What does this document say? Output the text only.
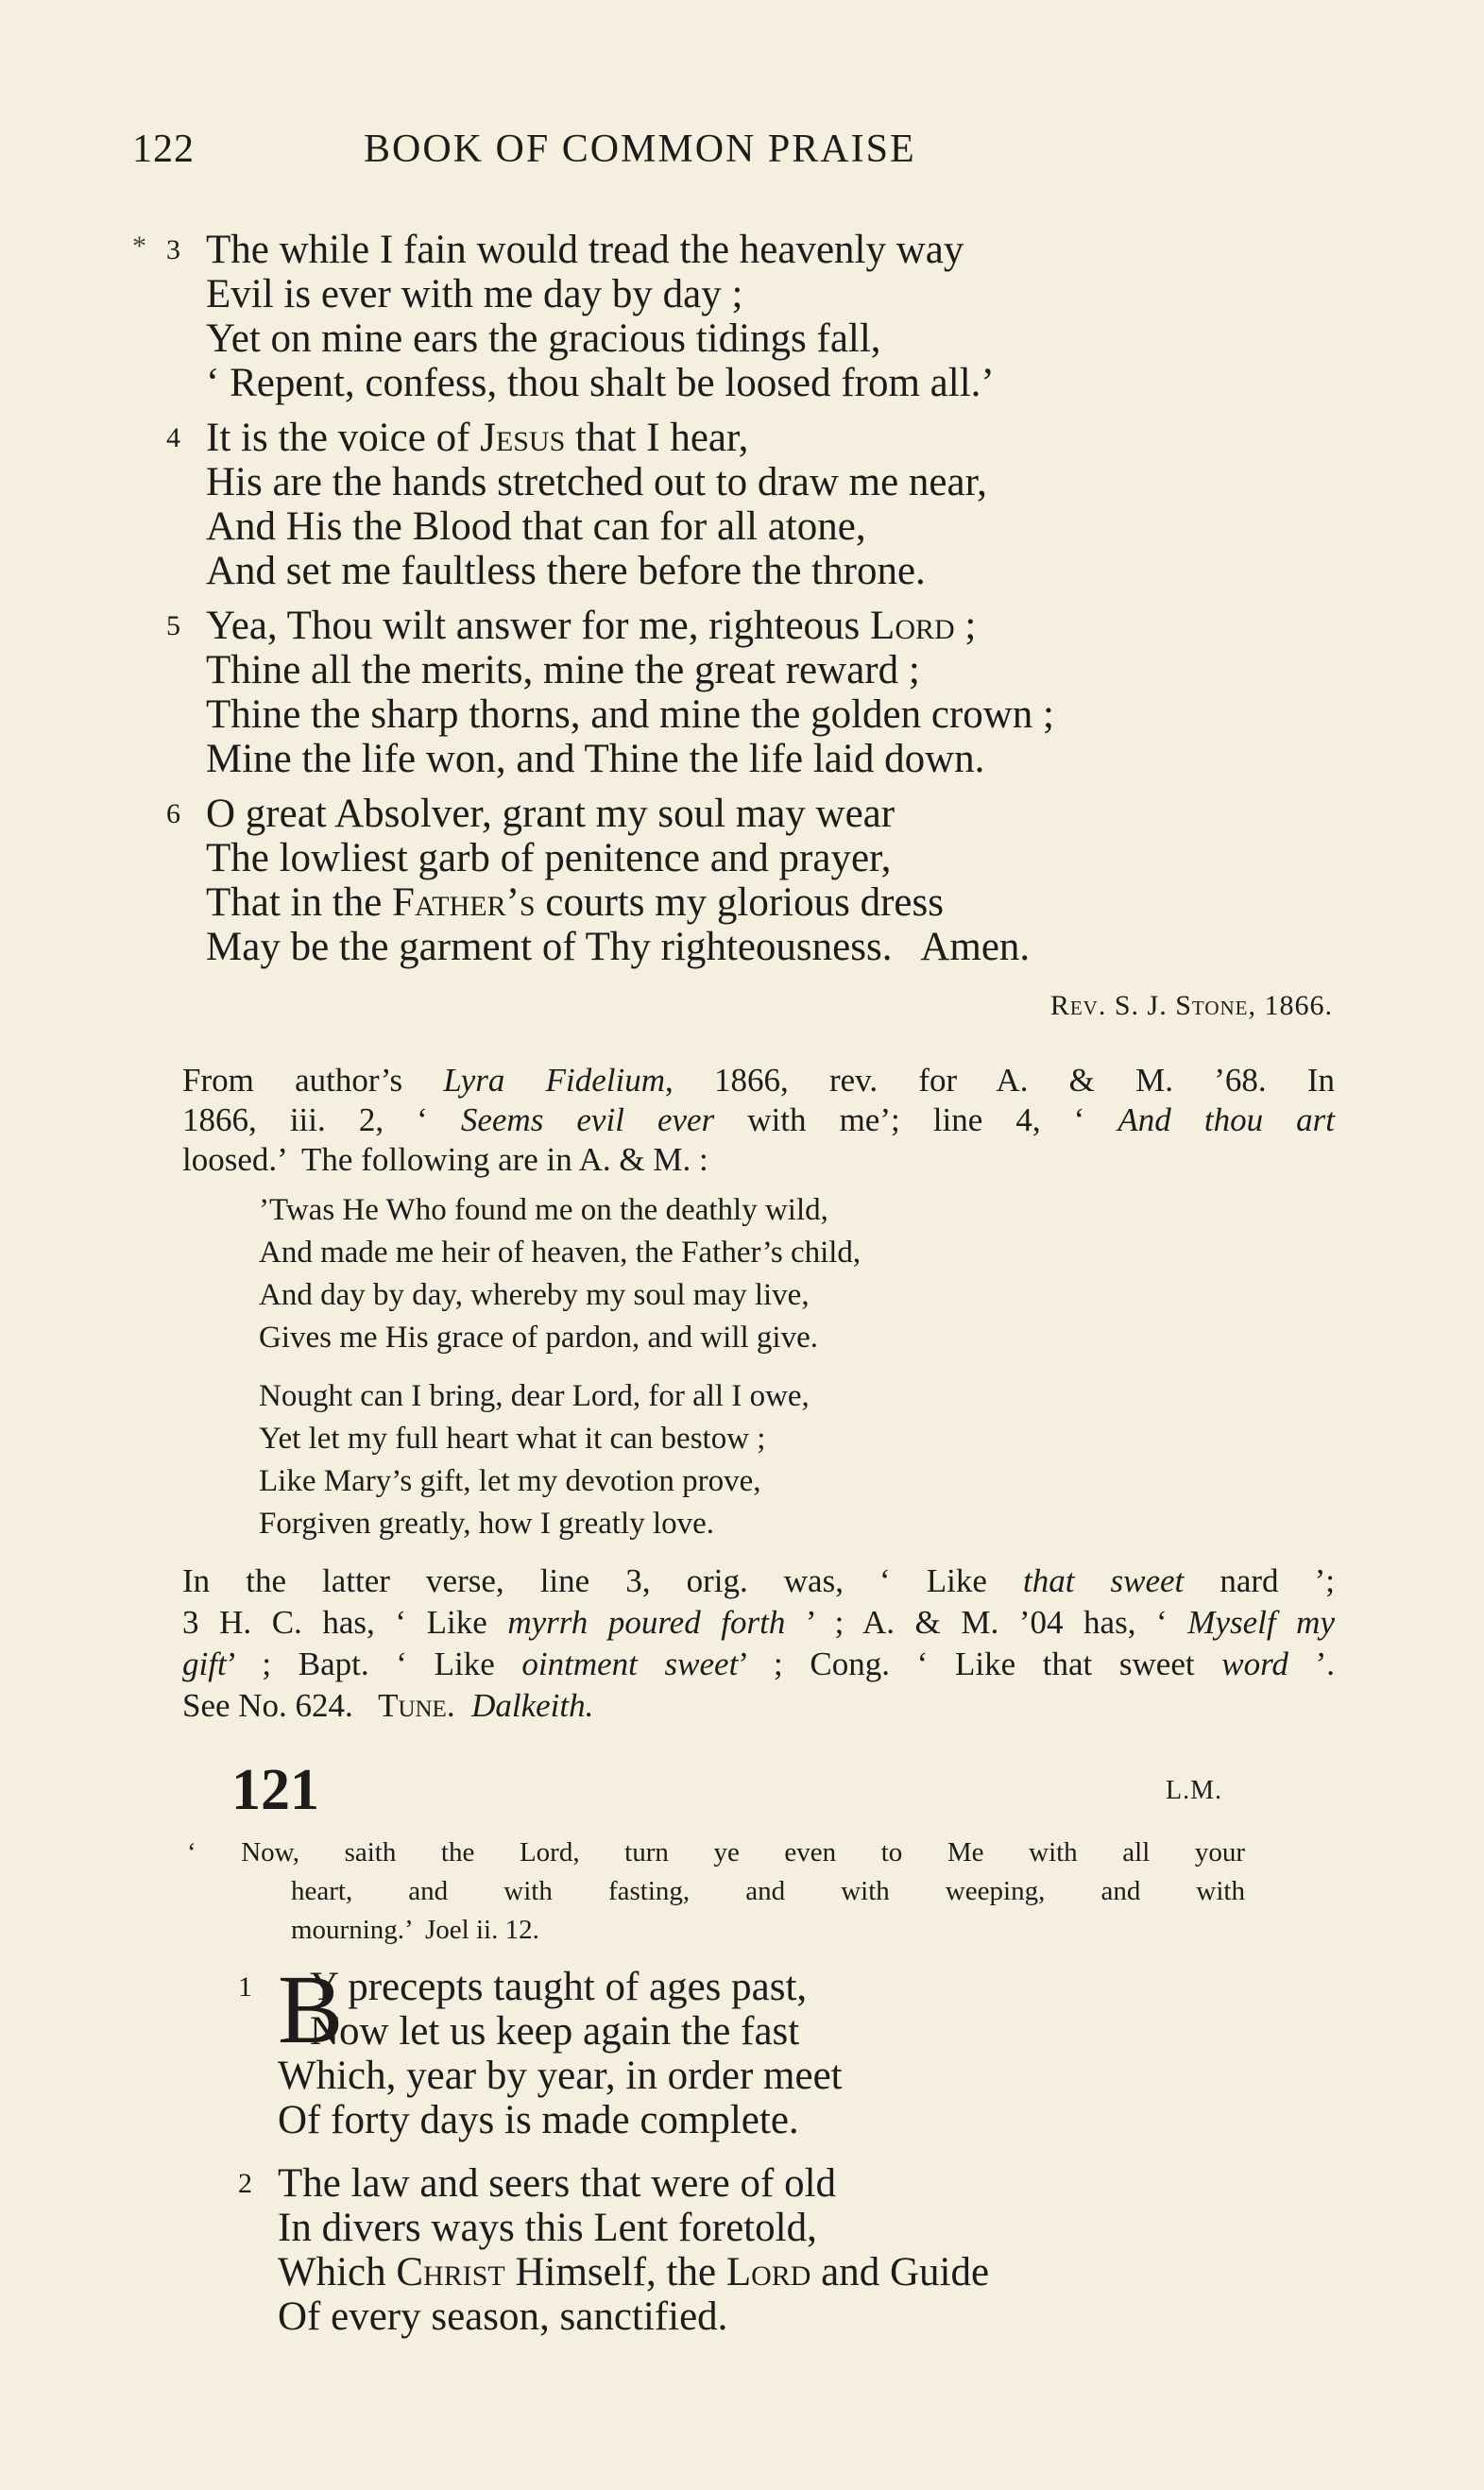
122	BOOK OF COMMON PRAISE
* 3 The while I fain would tread the heavenly way
Evil is ever with me day by day ;
Yet on mine ears the gracious tidings fall,
‘ Repent, confess, thou shalt be loosed from all.’
4 It is the voice of Jesus that I hear,
His are the hands stretched out to draw me near,
And His the Blood that can for all atone,
And set me faultless there before the throne.
5 Yea, Thou wilt answer for me, righteous Lord ;
Thine all the merits, mine the great reward ;
Thine the sharp thorns, and mine the golden crown ;
Mine the life won, and Thine the life laid down.
6 O great Absolver, grant my soul may wear
The lowliest garb of penitence and prayer,
That in the Father’s courts my glorious dress
May be the garment of Thy righteousness.   Amen.
Rev. S. J. Stone, 1866.
From author’s Lyra Fidelium, 1866, rev. for A. & M. ’68. In
1866, iii. 2, ‘ Seems evil ever with me’; line 4, ‘ And thou art
loosed.’  The following are in A. & M. :
’Twas He Who found me on the deathly wild,
And made me heir of heaven, the Father’s child,
And day by day, whereby my soul may live,
Gives me His grace of pardon, and will give.
Nought can I bring, dear Lord, for all I owe,
Yet let my full heart what it can bestow ;
Like Mary’s gift, let my devotion prove,
Forgiven greatly, how I greatly love.
In the latter verse, line 3, orig. was, ‘ Like that sweet nard ’;
3 H. C. has, ‘ Like myrrh poured forth ’ ; A. & M. ’04 has, ‘ Myself my
gift’ ; Bapt. ‘ Like ointment sweet’ ; Cong. ‘ Like that sweet word ’.
See No. 624.   Tune. Dalkeith.
121	L.M.
‘ Now, saith the Lord, turn ye even to Me with all your
heart, and with fasting, and with weeping, and with
mourning.’  Joel ii. 12.
1	Y precepts taught of ages past,
Now let us keep again the fast
Which, year by year, in order meet
Of forty days is made complete.
B
2 The law and seers that were of old
In divers ways this Lent foretold,
Which Christ Himself, the Lord and Guide
Of every season, sanctified.
